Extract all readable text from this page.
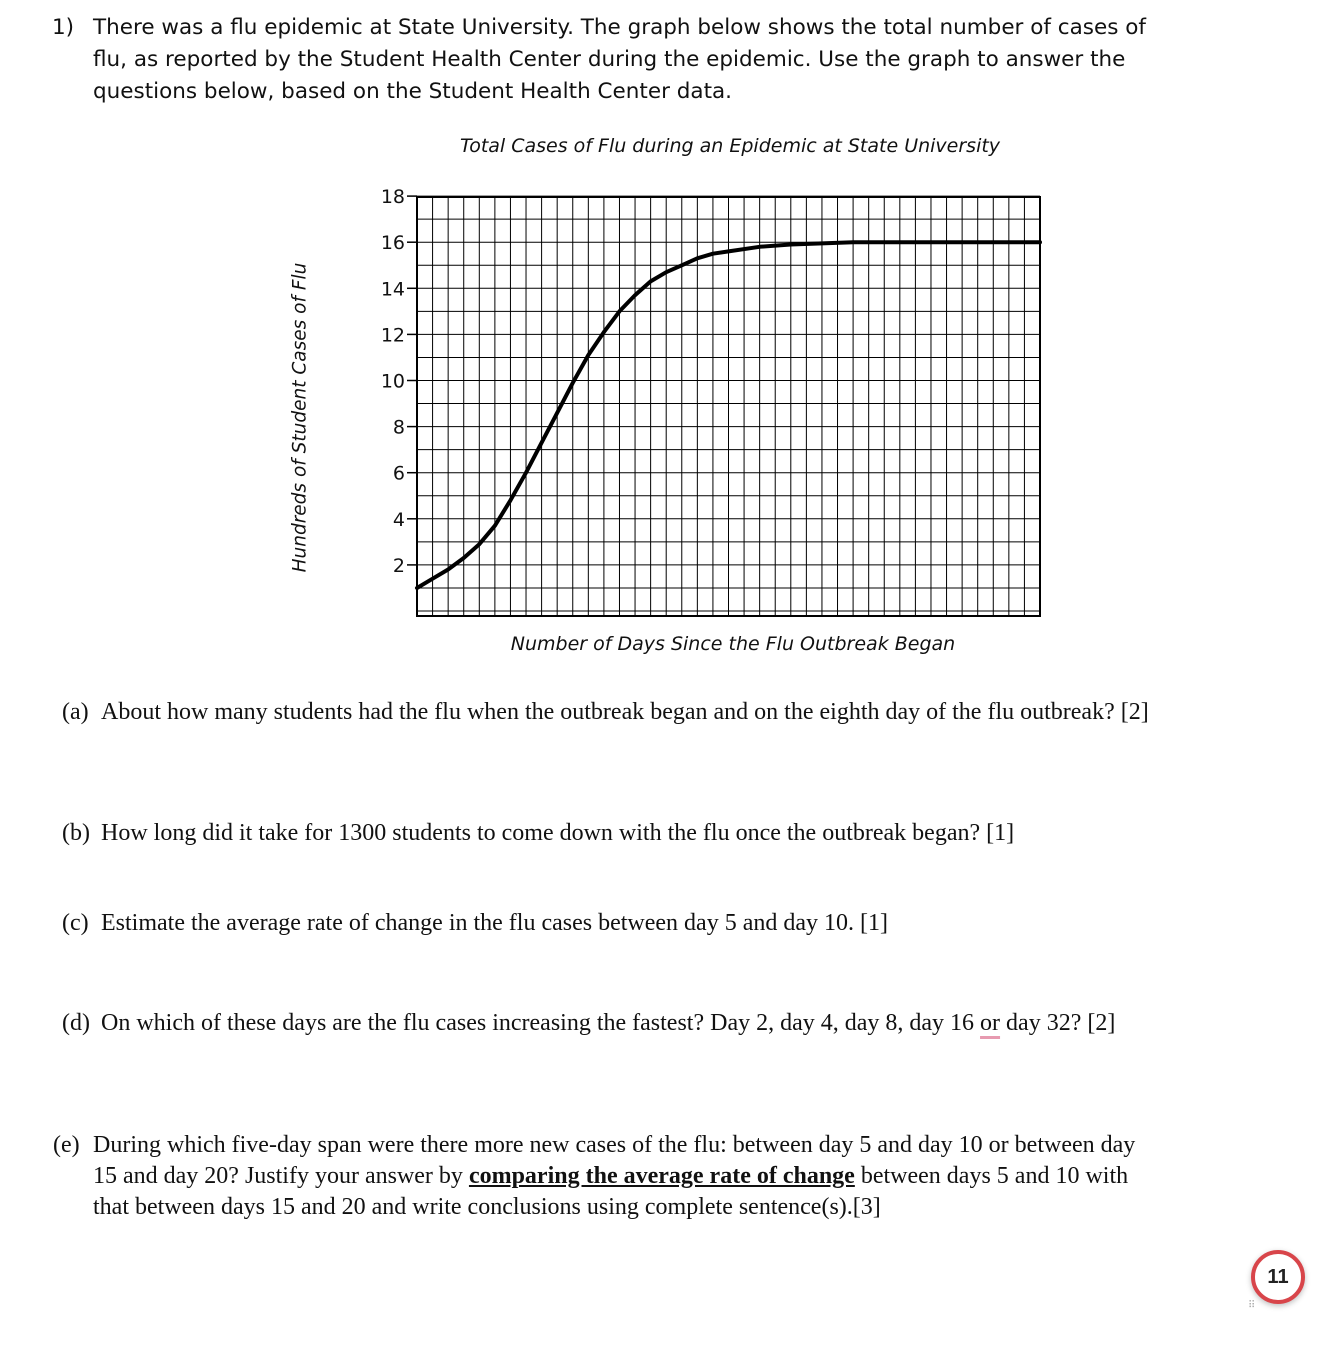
1) There was a flu epidemic at State University. The graph below shows the total number of cases of flu, as reported by the Student Health Center during the epidemic. Use the graph to answer the questions below, based on the Student Health Center data.
Total Cases of Flu during an Epidemic at State University
Hundreds of Student Cases of Flu	2
4
6
8
10
12
14
16
18
Number of Days Since the Flu Outbreak Began
(a) About how many students had the flu when the outbreak began and on the eighth day of the flu outbreak? [2]
(b) How long did it take for 1300 students to come down with the flu once the outbreak began? [1]
(c) Estimate the average rate of change in the flu cases between day 5 and day 10. [1]
(d) On which of these days are the flu cases increasing the fastest? Day 2, day 4, day 8, day 16 or day 32? [2]
(e) During which five-day span were there more new cases of the flu: between day 5 and day 10 or between day 15 and day 20? Justify your answer by comparing the average rate of change between days 5 and 10 with that between days 15 and 20 and write conclusions using complete sentence(s).[3]
11
⠿
